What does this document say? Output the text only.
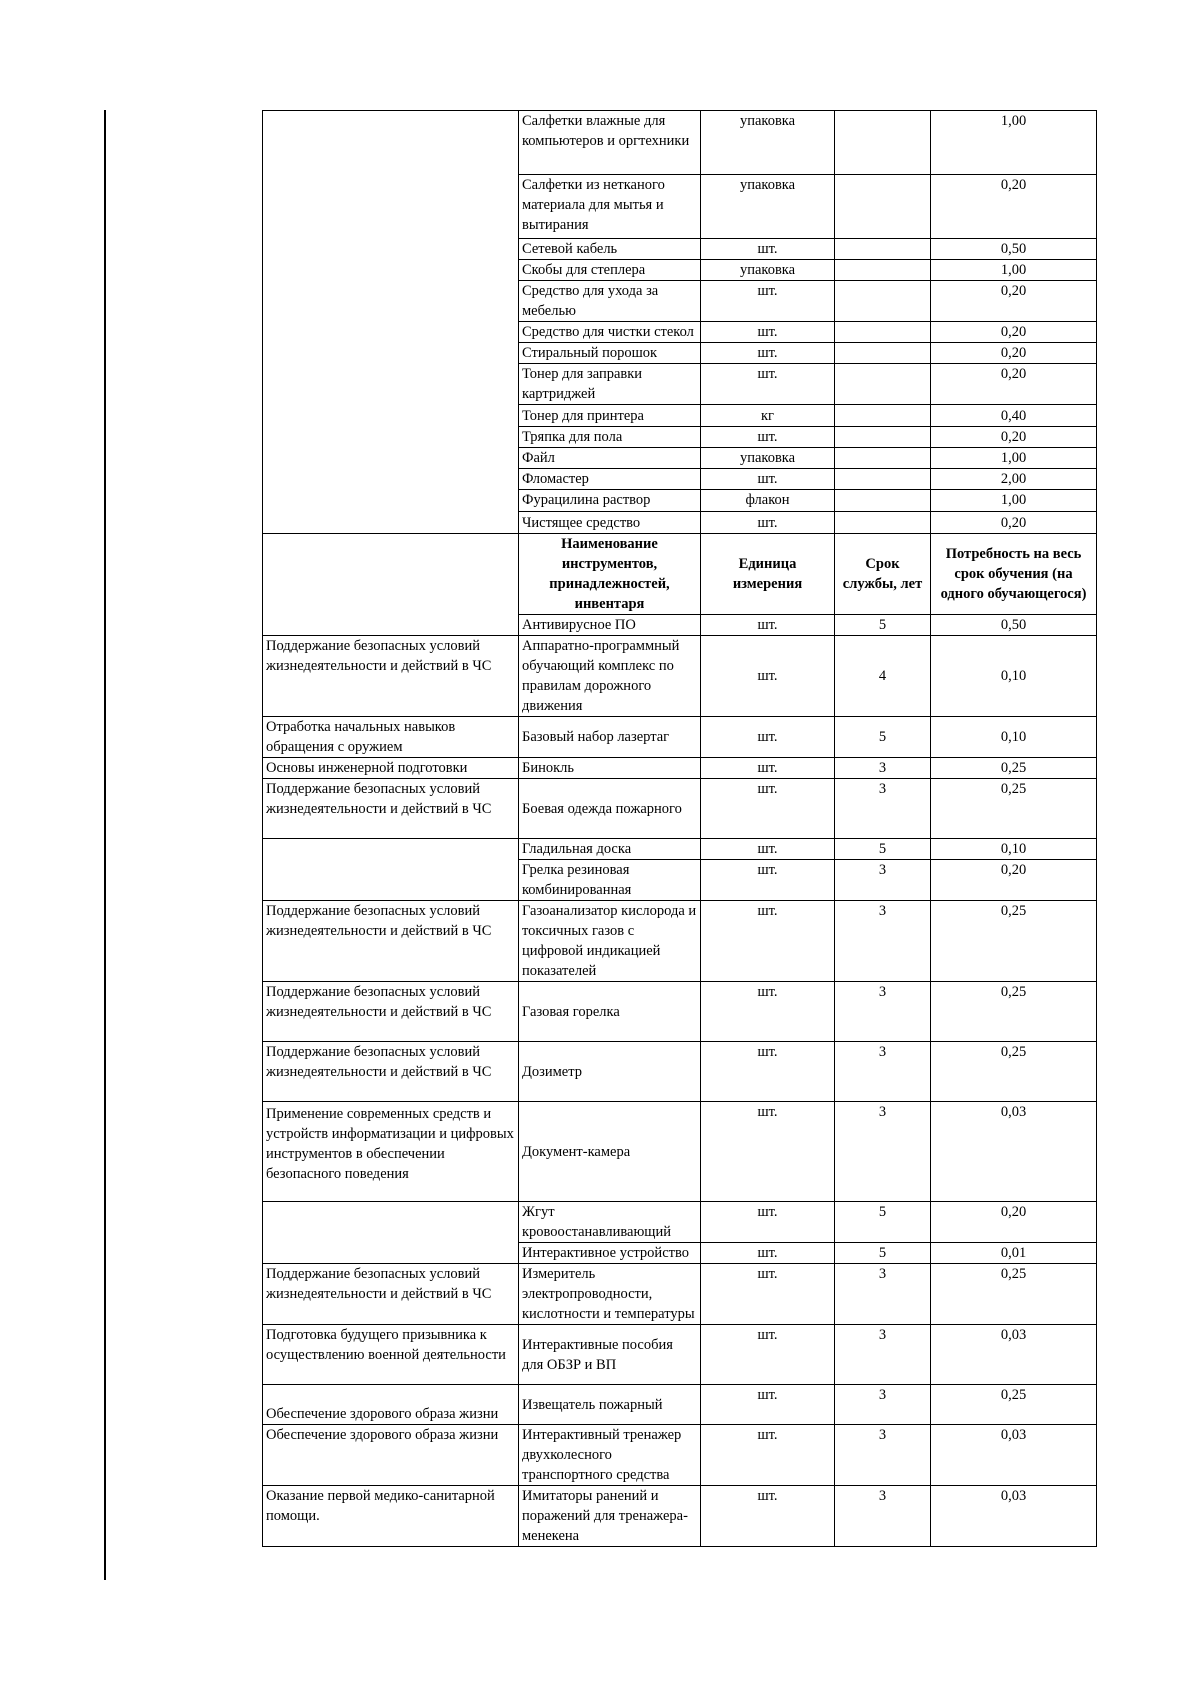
	Салфетки влажные для компьютеров и оргтехники	упаковка		1,00
	Салфетки из нетканого материала для мытья и вытирания	упаковка		0,20
	Сетевой кабель	шт.		0,50
	Скобы для степлера	упаковка		1,00
	Средство для ухода за мебелью	шт.		0,20
	Средство для чистки стекол	шт.		0,20
	Стиральный порошок	шт.		0,20
	Тонер для заправки картриджей	шт.		0,20
	Тонер для принтера	кг		0,40
	Тряпка для пола	шт.		0,20
	Файл	упаковка		1,00
	Фломастер	шт.		2,00
	Фурацилина раствор	флакон		1,00
	Чистящее средство	шт.		0,20
	Наименование инструментов, принадлежностей, инвентаря	Единица измерения	Срок службы, лет	Потребность на весь срок обучения (на одного обучающегося)
	Антивирусное ПО	шт.	5	0,50
Поддержание безопасных условий жизнедеятельности и действий в ЧС	Аппаратно-программный обучающий комплекс по правилам дорожного движения	шт.	4	0,10
Отработка начальных навыков обращения с оружием	Базовый набор лазертаг	шт.	5	0,10
Основы инженерной подготовки	Бинокль	шт.	3	0,25
Поддержание безопасных условий жизнедеятельности и действий в ЧС	Боевая одежда пожарного	шт.	3	0,25
	Гладильная доска	шт.	5	0,10
	Грелка резиновая комбинированная	шт.	3	0,20
Поддержание безопасных условий жизнедеятельности и действий в ЧС	Газоанализатор кислорода и токсичных газов с цифровой индикацией показателей	шт.	3	0,25
Поддержание безопасных условий жизнедеятельности и действий в ЧС	Газовая горелка	шт.	3	0,25
Поддержание безопасных условий жизнедеятельности и действий в ЧС	Дозиметр	шт.	3	0,25
Применение современных средств и устройств информатизации и цифровых инструментов в обеспечении безопасного поведения	Документ-камера	шт.	3	0,03
	Жгут кровоостанавливающий	шт.	5	0,20
	Интерактивное устройство	шт.	5	0,01
Поддержание безопасных условий жизнедеятельности и действий в ЧС	Измеритель электропроводности, кислотности и температуры	шт.	3	0,25
Подготовка будущего призывника к осуществлению военной деятельности	Интерактивные пособия для ОБЗР и ВП	шт.	3	0,03
Обеспечение здорового образа жизни	Извещатель пожарный	шт.	3	0,25
Обеспечение здорового образа жизни	Интерактивный тренажер двухколесного транспортного средства	шт.	3	0,03
Оказание первой медико-санитарной помощи.	Имитаторы ранений и поражений для тренажера-менекена	шт.	3	0,03
